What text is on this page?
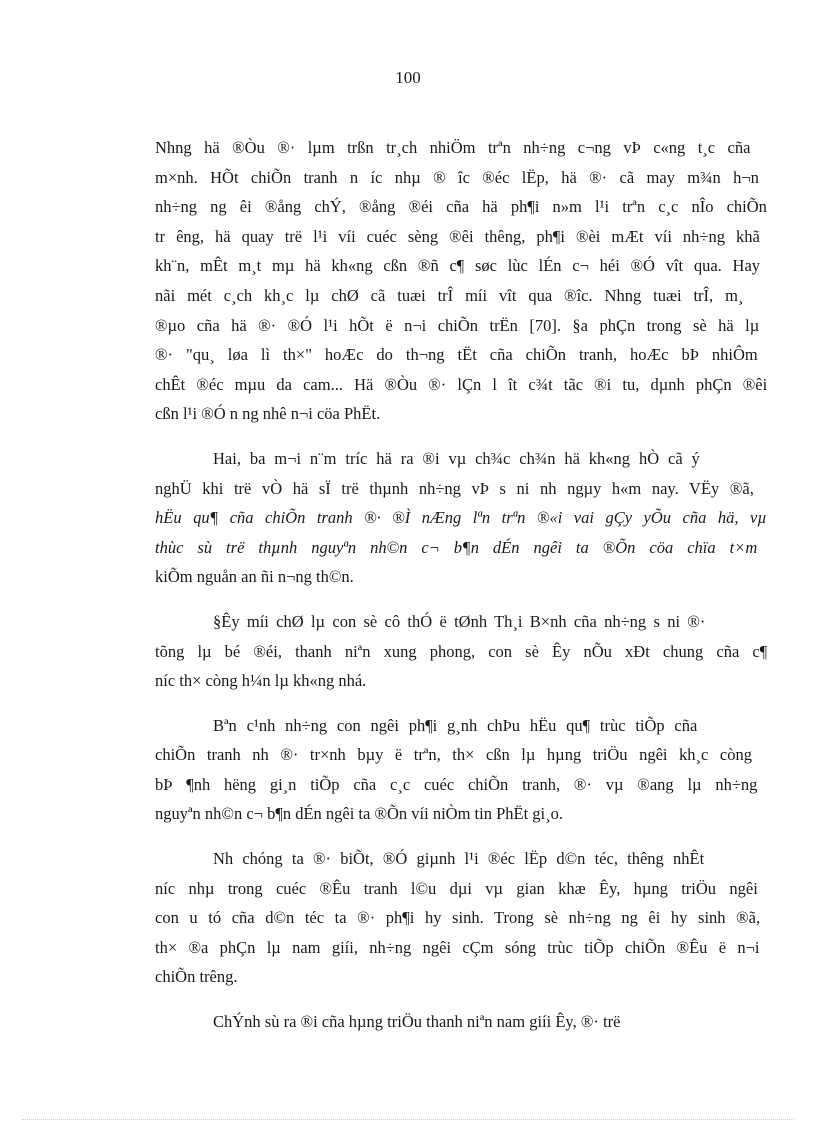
100

Nhng hä ®Òu ®· lµm trßn tr¸ch nhiÖm trªn nh÷ng c¬ng vÞ c«ng t¸c cña
m×nh. HÕt chiÕn tranh n íc nhµ ® îc ®éc lËp, hä ®· cã may m¾n h¬n
nh÷ng ng êi ®ång chÝ, ®ång ®éi cña hä ph¶i n»m l¹i trªn c¸c nÎo chiÕn
tr êng, hä quay trë l¹i víi cuéc sèng ®êi thêng, ph¶i ®èi mÆt víi nh÷ng khã
kh¨n, mÊt m¸t mµ hä kh«ng cßn ®ñ c¶ søc lùc lÉn c¬ héi ®Ó vît qua. Hay
nãi mét c¸ch kh¸c lµ chØ cã tuæi trÎ míi vît qua ®îc. Nhng tuæi trÎ, m¸
®µo cña hä ®· ®Ó l¹i hÕt ë n¬i chiÕn trËn [70]. §a phÇn trong sè hä lµ
®· "qu¸ løa lì th×" hoÆc do th¬ng tËt cña chiÕn tranh, hoÆc bÞ nhiÔm
chÊt ®éc mµu da cam... Hä ®Òu ®· lÇn l ît c¾t tãc ®i tu, dµnh phÇn ®êi
cßn l¹i ®Ó n ng nhê n¬i cöa PhËt.

Hai, ba m¬i n¨m tríc hä ra ®i vµ ch¾c ch¾n hä kh«ng hÒ cã ý
nghÜ khi trë vÒ hä sÏ trë thµnh nh÷ng vÞ s ni nh ngµy h«m nay. VËy ®ã,
hËu qu¶ cña chiÕn tranh ®· ®Ì nÆng lªn trªn ®«i vai gÇy yÕu cña hä, vµ
thùc sù trë thµnh nguyªn nh©n c¬ b¶n dÉn ngêi ta ®Õn cöa chïa t×m
kiÕm nguån an ñi n¬ng th©n.

§Êy míi chØ lµ con sè cô thÓ ë tØnh Th¸i B×nh cña nh÷ng s ni ®·
tõng lµ bé ®éi, thanh niªn xung phong, con sè Êy nÕu xÐt chung cña c¶
níc th× còng h¼n lµ kh«ng nhá.

Bªn c¹nh nh÷ng con ngêi ph¶i g¸nh chÞu hËu qu¶ trùc tiÕp cña
chiÕn tranh nh ®· tr×nh bµy ë trªn, th× cßn lµ hµng triÖu ngêi kh¸c còng
bÞ ¶nh hëng gi¸n tiÕp cña c¸c cuéc chiÕn tranh, ®· vµ ®ang lµ nh÷ng
nguyªn nh©n c¬ b¶n dÉn ngêi ta ®Õn víi niÒm tin PhËt gi¸o.

Nh chóng ta ®· biÕt, ®Ó giµnh l¹i ®éc lËp d©n téc, thêng nhÊt
níc nhµ trong cuéc ®Êu tranh l©u dµi vµ gian khæ Êy, hµng triÖu ngêi
con u tó cña d©n téc ta ®· ph¶i hy sinh. Trong sè nh÷ng ng êi hy sinh ®ã,
th× ®a phÇn lµ nam giíi, nh÷ng ngêi cÇm sóng trùc tiÕp chiÕn ®Êu ë n¬i
chiÕn trêng.

ChÝnh sù ra ®i cña hµng triÖu thanh niªn nam giíi Êy, ®· trë
